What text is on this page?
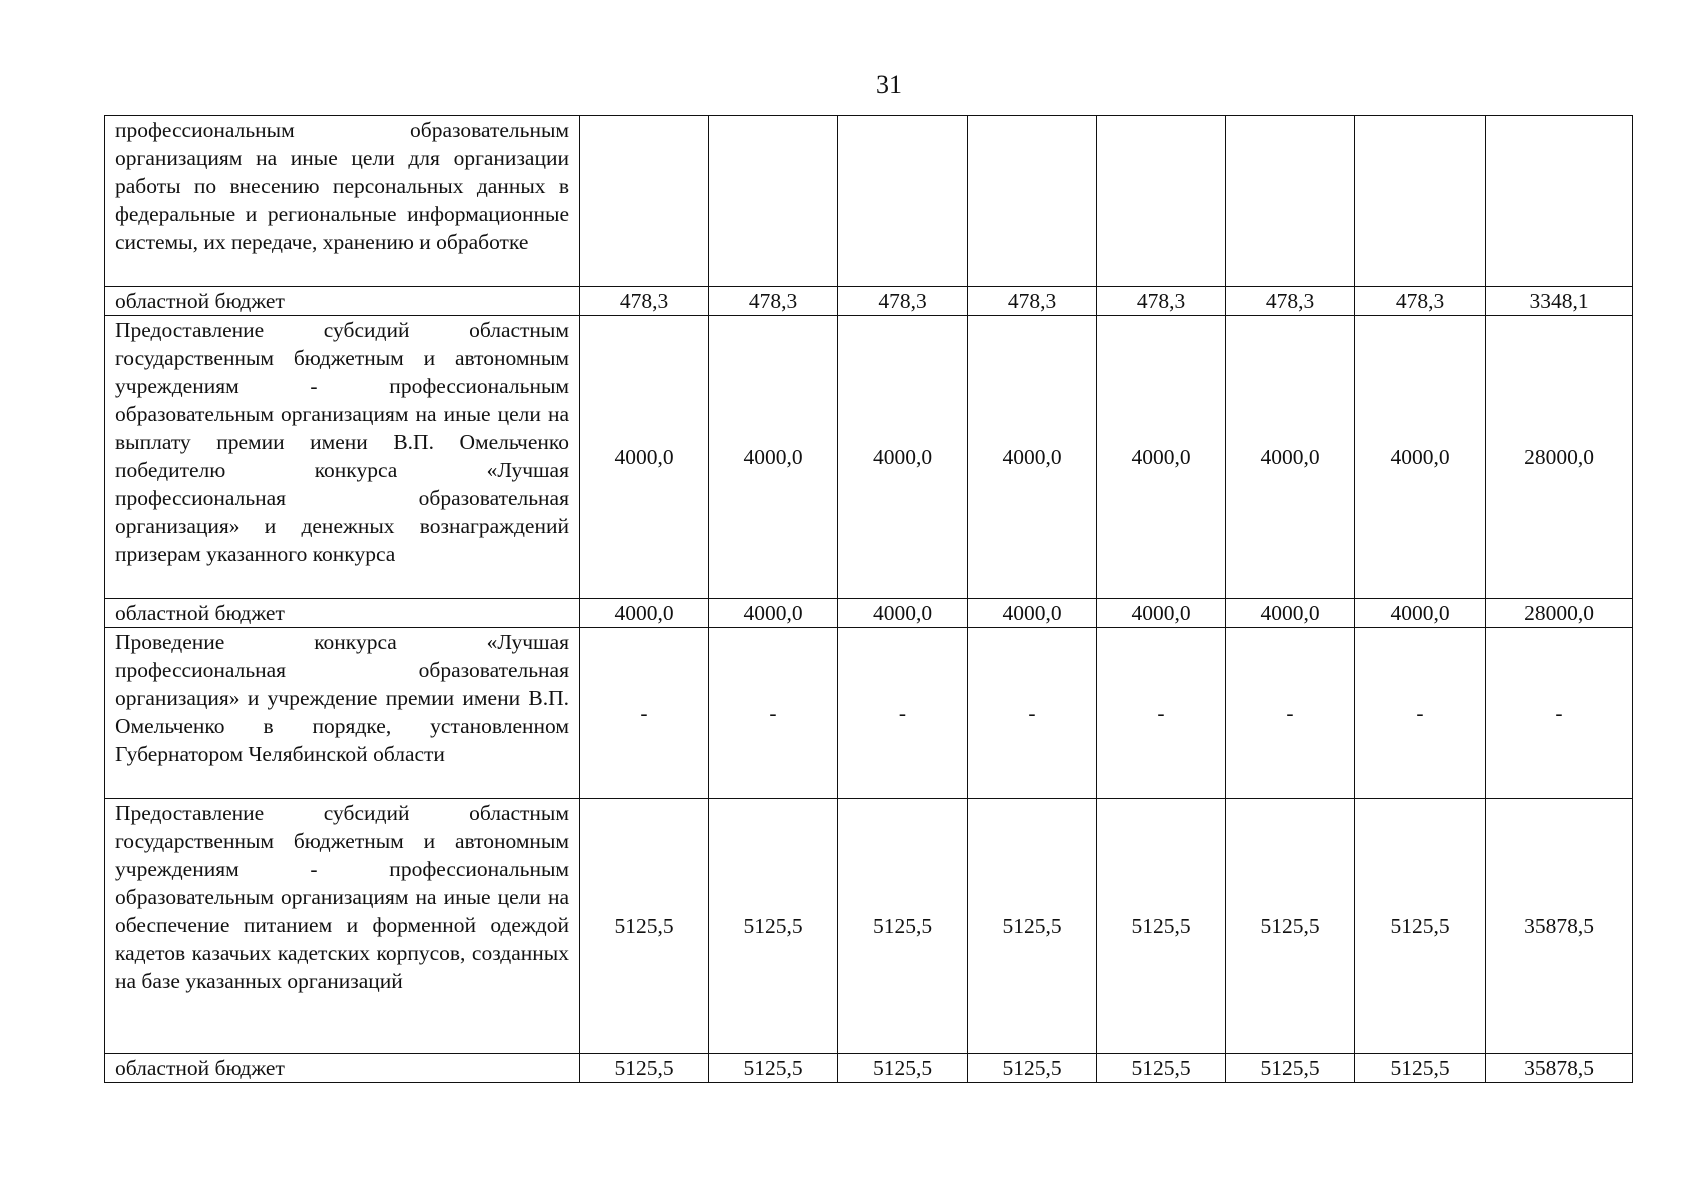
31
профессиональным образовательным организациям на иные цели для организации работы по внесению персональных данных в федеральные и региональные информационные системы, их передаче, хранению и обработке								
областной бюджет	478,3	478,3	478,3	478,3	478,3	478,3	478,3	3348,1
Предоставление субсидий областным государственным бюджетным и автономным учреждениям - профессиональным образовательным организациям на иные цели на выплату премии имени В.П. Омельченко победителю конкурса «Лучшая профессиональная образовательная организация» и денежных вознаграждений призерам указанного конкурса	4000,0	4000,0	4000,0	4000,0	4000,0	4000,0	4000,0	28000,0
областной бюджет	4000,0	4000,0	4000,0	4000,0	4000,0	4000,0	4000,0	28000,0
Проведение конкурса «Лучшая профессиональная образовательная организация» и учреждение премии имени В.П. Омельченко в порядке, установленном Губернатором Челябинской области	-	-	-	-	-	-	-	-
Предоставление субсидий областным государственным бюджетным и автономным учреждениям - профессиональным образовательным организациям на иные цели на обеспечение питанием и форменной одеждой кадетов казачьих кадетских корпусов, созданных на базе указанных организаций	5125,5	5125,5	5125,5	5125,5	5125,5	5125,5	5125,5	35878,5
областной бюджет	5125,5	5125,5	5125,5	5125,5	5125,5	5125,5	5125,5	35878,5
